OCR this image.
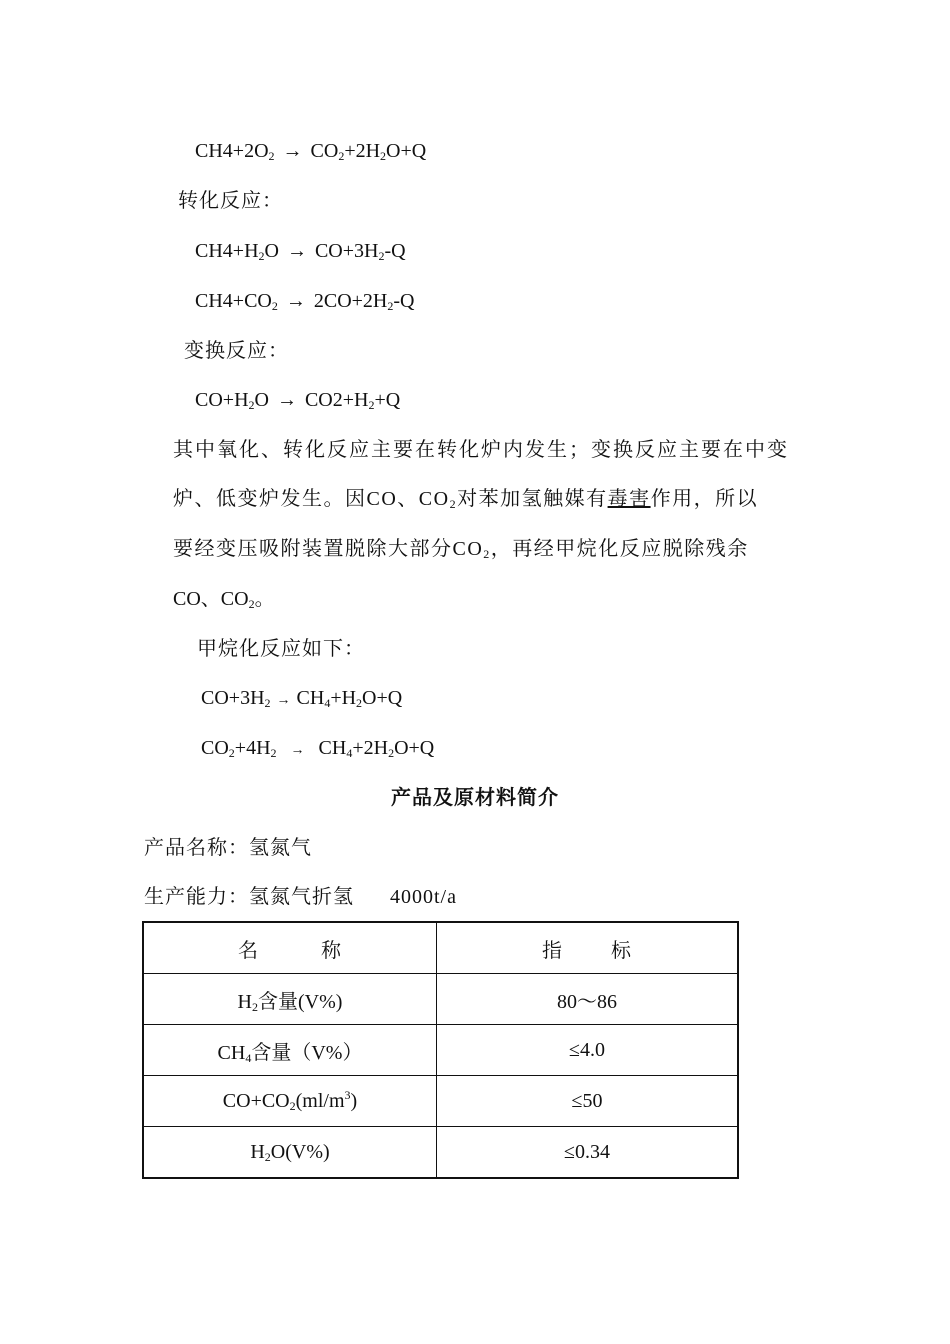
$CH4+2O_2 \to CO_2+2H_2O+Q$
转化反应：
$CH4+H_2O \to CO+3H_2-Q$
$CH4+CO_2 \to 2CO+2H_2-Q$
变换反应：
$CO+H_2O \to CO2+H_2+Q$
其中氧化、转化反应主要在转化炉内发生；变换反应主要在中变
炉、低变炉发生。因CO、$CO_2$对苯加氢触媒有毒害作用，所以
要经变压吸附装置脱除大部分$CO_2$，再经甲烷化反应脱除残余
CO、$CO_2$。
甲烷化反应如下：
$CO+3H_2 \to CH_4+H_2O+Q$
$CO_2+4H_2 \to CH_4+2H_2O+Q$
产品及原材料简介
产品名称：氢氮气
生产能力：氢氮气折氢 4000t/a
名 称	指 标
$H_2$含量(V%)	80～86
$CH_4$含量（V%）	≤4.0
$CO+CO_2(ml/m^3)$	≤50
$H_2O(V\%)$	≤0.34
